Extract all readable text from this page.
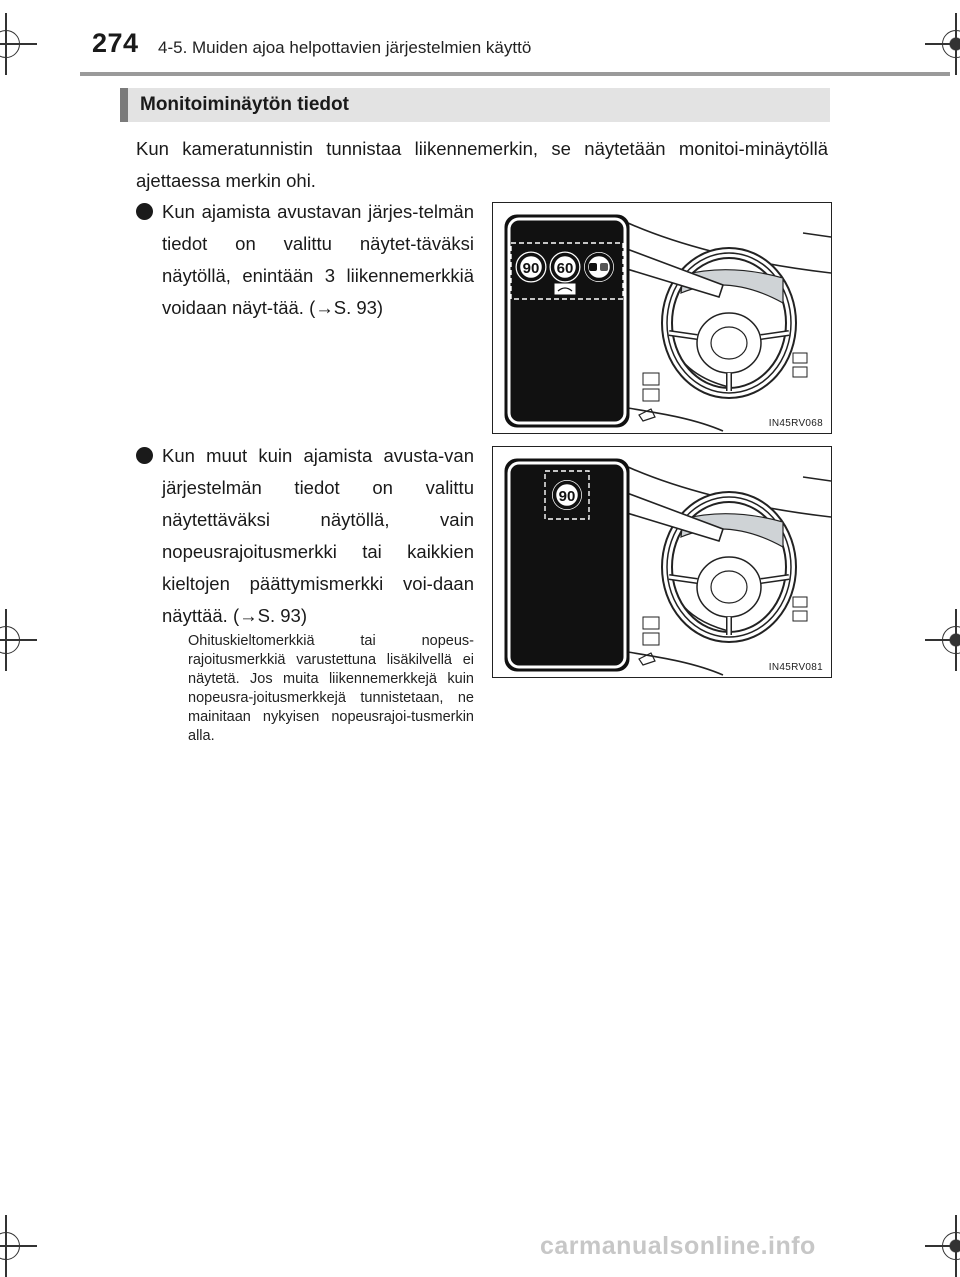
274 4-5. Muiden ajoa helpottavien järjestelmien käyttö
Monitoiminäytön tiedot

Kun kameratunnistin tunnistaa liikennemerkin, se näytetään monitoi-minäytöllä ajettaessa merkin ohi.

Kun ajamista avustavan järjes-telmän tiedot on valittu näytet-täväksi näytöllä, enintään 3 liikennemerkkiä voidaan näyt-tää. (→S. 93)
Kun muut kuin ajamista avusta-van järjestelmän tiedot on valittu näytettäväksi näytöllä, vain nopeusrajoitusmerkki tai kaikkien kieltojen päättymismerkki voi-daan näyttää. (→S. 93)
Ohituskieltomerkkiä tai nopeus-rajoitusmerkkiä varustettuna lisäkilvellä ei näytetä. Jos muita liikennemerkkejä kuin nopeusra-joitusmerkkejä tunnistetaan, ne mainitaan nykyisen nopeusrajoi-tusmerkin alla.
90 60
IN45RV068
90
IN45RV081
carmanualsonline.info
